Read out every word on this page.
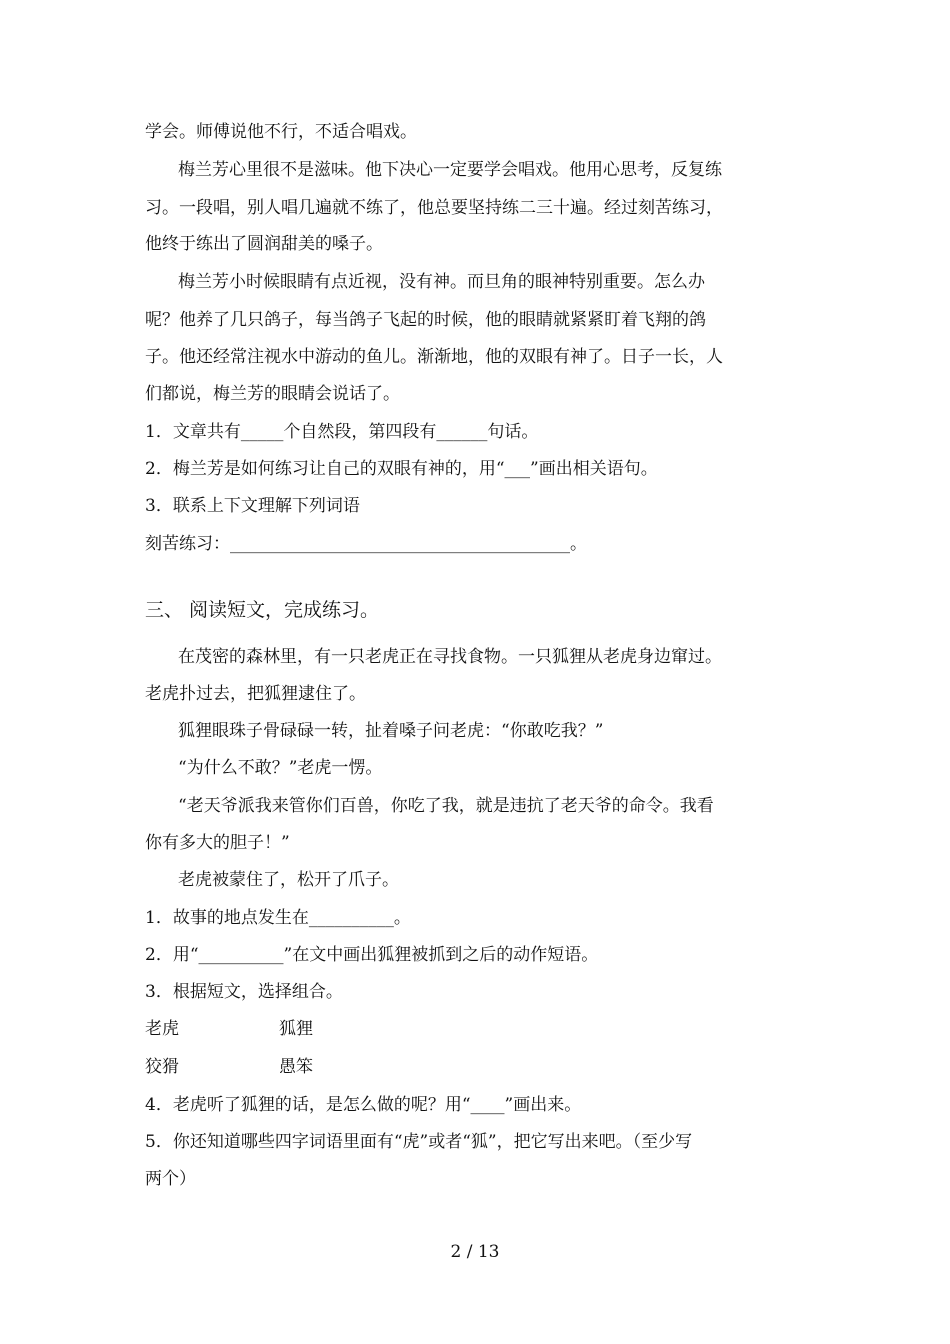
学会。师傅说他不行，不适合唱戏。
梅兰芳心里很不是滋味。他下决心一定要学会唱戏。他用心思考，反复练
习。一段唱，别人唱几遍就不练了，他总要坚持练二三十遍。经过刻苦练习，
他终于练出了圆润甜美的嗓子。
梅兰芳小时候眼睛有点近视，没有神。而旦角的眼神特别重要。怎么办
呢？他养了几只鸽子，每当鸽子飞起的时候，他的眼睛就紧紧盯着飞翔的鸽
子。他还经常注视水中游动的鱼儿。渐渐地，他的双眼有神了。日子一长，人
们都说，梅兰芳的眼睛会说话了。
1．文章共有_____个自然段，第四段有______句话。
2．梅兰芳是如何练习让自己的双眼有神的，用“___”画出相关语句。
3．联系上下文理解下列词语
刻苦练习：________________________________________。
三、 阅读短文，完成练习。
在茂密的森林里，有一只老虎正在寻找食物。一只狐狸从老虎身边窜过。
老虎扑过去，把狐狸逮住了。
狐狸眼珠子骨碌碌一转，扯着嗓子问老虎：“你敢吃我？”
“为什么不敢？”老虎一愣。
“老天爷派我来管你们百兽，你吃了我，就是违抗了老天爷的命令。我看
你有多大的胆子！”
老虎被蒙住了，松开了爪子。
1．故事的地点发生在__________。
2．用“__________”在文中画出狐狸被抓到之后的动作短语。
3．根据短文，选择组合。
老虎	狐狸
狡猾	愚笨
4．老虎听了狐狸的话，是怎么做的呢？用“____”画出来。
5．你还知道哪些四字词语里面有“虎”或者“狐”，把它写出来吧。（至少写
两个）
2 / 13
